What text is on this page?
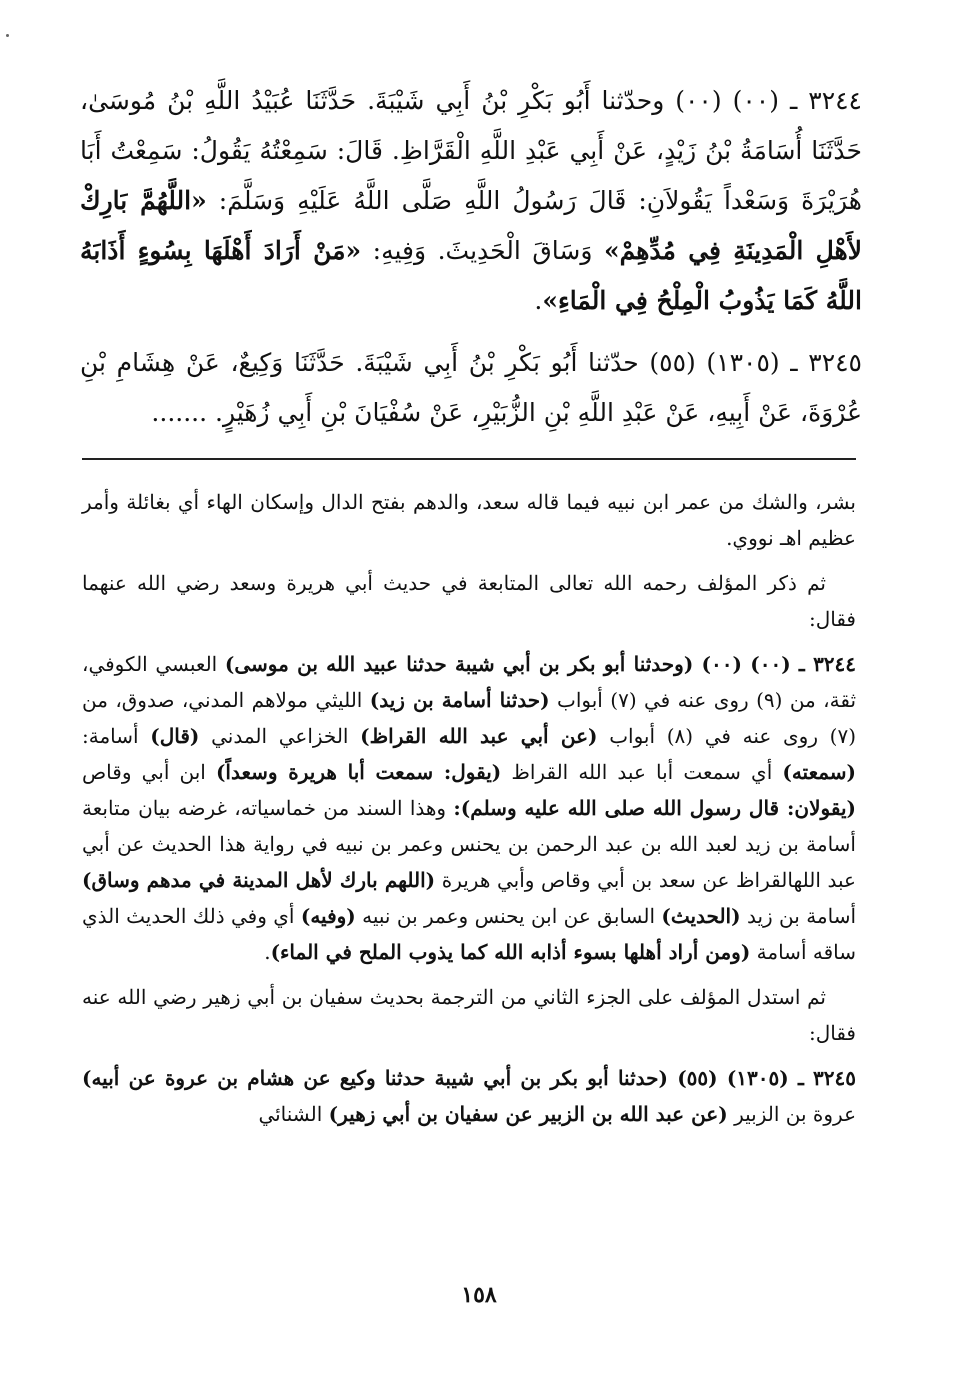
٣٢٤٤ ـ (٠٠) (٠٠) وحدّثنا أَبُو بَكْرِ بْنُ أَبِي شَيْبَةَ. حَدَّثَنَا عُبَيْدُ اللَّهِ بْنُ مُوسَىٰ، حَدَّثَنَا أُسَامَةُ بْنُ زَيْدٍ، عَنْ أَبِي عَبْدِ اللَّهِ الْقَرَّاظِ. قَالَ: سَمِعْتُهُ يَقُولُ: سَمِعْتُ أَبَا هُرَيْرَةَ وَسَعْداً يَقُولاَنِ: قَالَ رَسُولُ اللَّهِ صَلَّى اللَّهُ عَلَيْهِ وَسَلَّمَ: «اللَّهُمَّ بَارِكْ لأَهْلِ الْمَدِينَةِ فِي مُدِّهِمْ» وَسَاقَ الْحَدِيثَ. وَفِيهِ: «مَنْ أَرَادَ أَهْلَهَا بِسُوءٍ أَذَابَهُ اللَّهُ كَمَا يَذُوبُ الْمِلْحُ فِي الْمَاءِ».

٣٢٤٥ ـ (١٣٠٥) (٥٥) حدّثنا أَبُو بَكْرِ بْنُ أَبِي شَيْبَةَ. حَدَّثَنَا وَكِيعٌ، عَنْ هِشَامِ بْنِ عُرْوَةَ، عَنْ أَبِيهِ، عَنْ عَبْدِ اللَّهِ بْنِ الزُّبَيْرِ، عَنْ سُفْيَانَ بْنِ أَبِي زُهَيْرٍ. .......

بشر، والشك من عمر ابن نبيه فيما قاله سعد، والدهم بفتح الدال وإسكان الهاء أي بغائلة وأمر عظيم اهـ نووي.

ثم ذكر المؤلف رحمه الله تعالى المتابعة في حديث أبي هريرة وسعد رضي الله عنهما فقال:

٣٢٤٤ ـ (٠٠) (٠٠) (وحدثنا أبو بكر بن أبي شيبة حدثنا عبيد الله بن موسى) العبسي الكوفي، ثقة، من (٩) روى عنه في (٧) أبواب (حدثنا أسامة بن زيد) الليثي مولاهم المدني، صدوق، من (٧) روى عنه في (٨) أبواب (عن أبي عبد الله القراظ) الخزاعي المدني (قال) أسامة: (سمعته) أي سمعت أبا عبد الله القراظ (يقول: سمعت أبا هريرة وسعداً) ابن أبي وقاص (يقولان: قال رسول الله صلى الله عليه وسلم): وهذا السند من خماسياته، غرضه بيان متابعة أسامة بن زيد لعبد الله بن عبد الرحمن بن يحنس وعمر بن نبيه في رواية هذا الحديث عن أبي عبد اللهالقراظ عن سعد بن أبي وقاص وأبي هريرة (اللهم بارك لأهل المدينة في مدهم وساق) أسامة بن زيد (الحديث) السابق عن ابن يحنس وعمر بن نبيه (وفيه) أي وفي ذلك الحديث الذي ساقه أسامة (ومن أراد أهلها بسوء أذابه الله كما يذوب الملح في الماء).

ثم استدل المؤلف على الجزء الثاني من الترجمة بحديث سفيان بن أبي زهير رضي الله عنه فقال:

٣٢٤٥ ـ (١٣٠٥) (٥٥) (حدثنا أبو بكر بن أبي شيبة حدثنا وكيع عن هشام بن عروة عن أبيه) عروة بن الزبير (عن عبد الله بن الزبير عن سفيان بن أبي زهير) الشنائي

١٥٨
